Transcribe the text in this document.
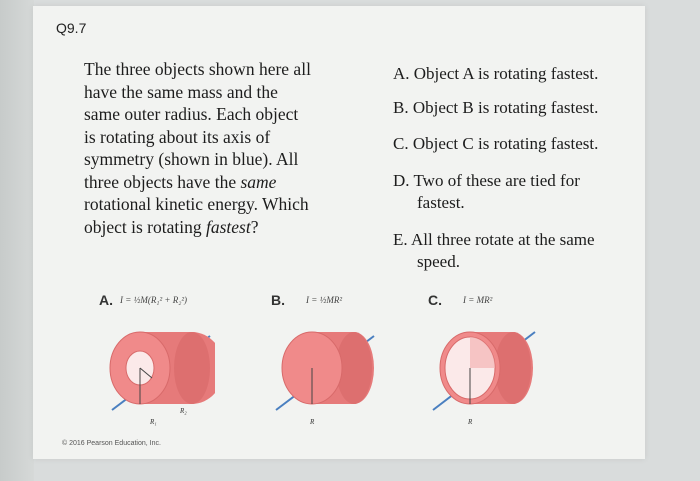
Q9.7
The three objects shown here all
have the same mass and the
same outer radius. Each object
is rotating about its axis of
symmetry (shown in blue). All
three objects have the same
rotational kinetic energy. Which
object is rotating fastest?
A. Object A is rotating fastest.
B. Object B is rotating fastest.
C. Object C is rotating fastest.
D. Two of these are tied for
fastest.
E. All three rotate at the same
speed.
A. I = ½M(R₁² + R₂²)	B. I = ½MR²	C. I = MR²
R₁
R₂
R	R
© 2016 Pearson Education, Inc.
